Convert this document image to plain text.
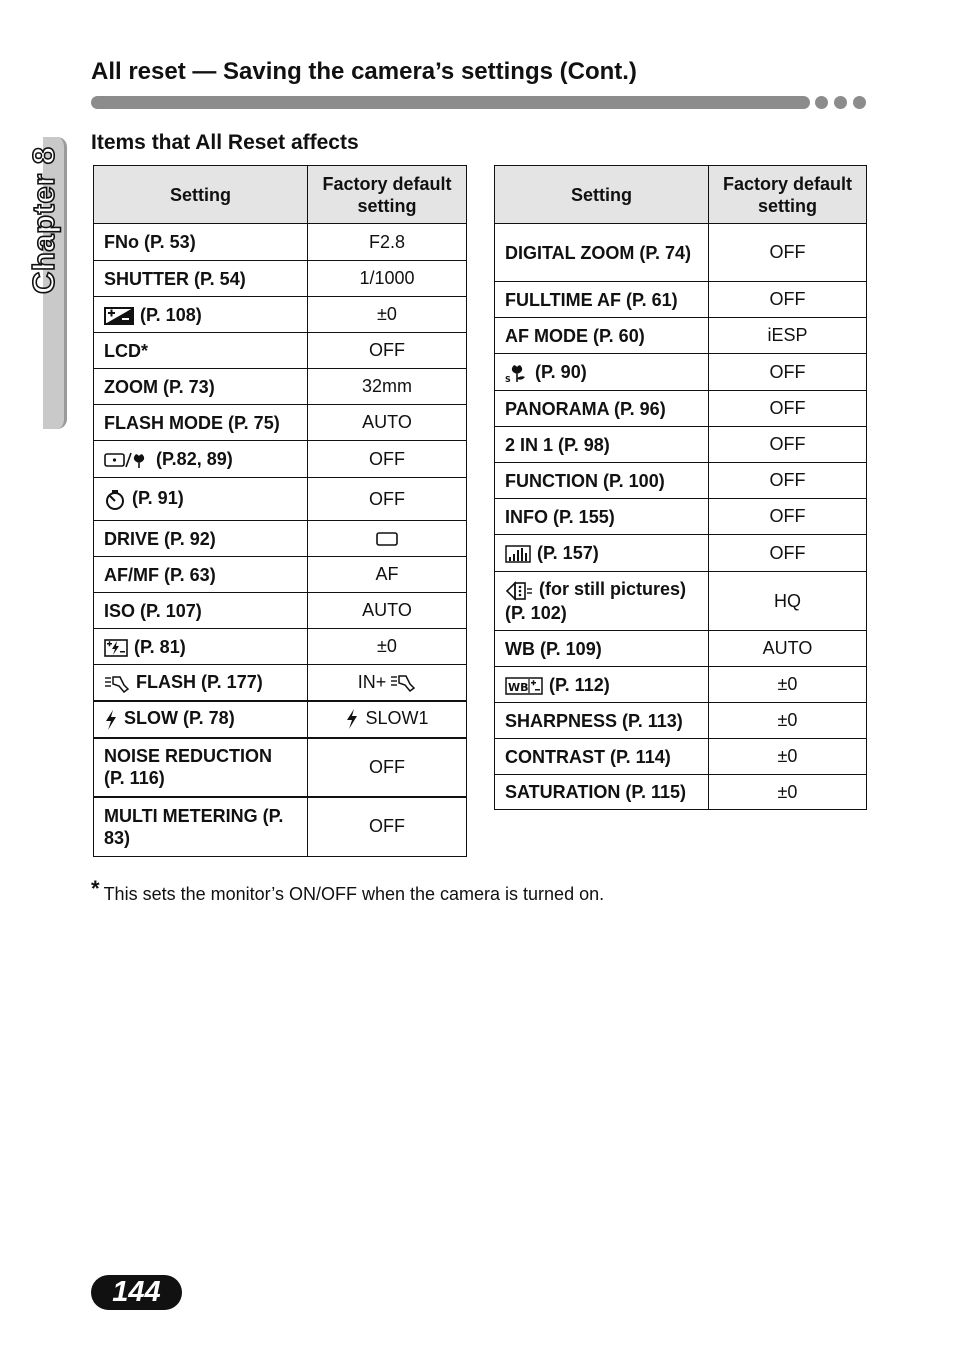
All reset — Saving the camera’s settings (Cont.)
Chapter 8
Items that All Reset affects
Setting	Factory default setting
FNo (P. 53)	F2.8
SHUTTER (P. 54)	1/1000

(P. 108)	±0
LCD*	OFF
ZOOM (P. 73)	32mm
FLASH MODE (P. 75)	AUTO

(P.82, 89)	OFF

(P. 91)	OFF
DRIVE (P. 92)	

AF/MF (P. 63)	AF
ISO (P. 107)	AUTO

(P. 81)	±0

FLASH (P. 177)	IN+

SLOW (P. 78)	SLOW1
NOISE REDUCTION (P. 116)	OFF
MULTI METERING (P. 83)	OFF
Setting	Factory default setting
DIGITAL ZOOM (P. 74)	OFF
FULLTIME AF (P. 61)	OFF
AF MODE (P. 60)	iESP

S (P. 90)	OFF
PANORAMA (P. 96)	OFF
2 IN 1 (P. 98)	OFF
FUNCTION (P. 100)	OFF
INFO (P. 155)	OFF

(P. 157)	OFF

(for still pictures) (P. 102)	HQ
WB (P. 109)	AUTO

WB (P. 112)	±0
SHARPNESS (P. 113)	±0
CONTRAST (P. 114)	±0
SATURATION (P. 115)	±0
* This sets the monitor’s ON/OFF when the camera is turned on.
144
